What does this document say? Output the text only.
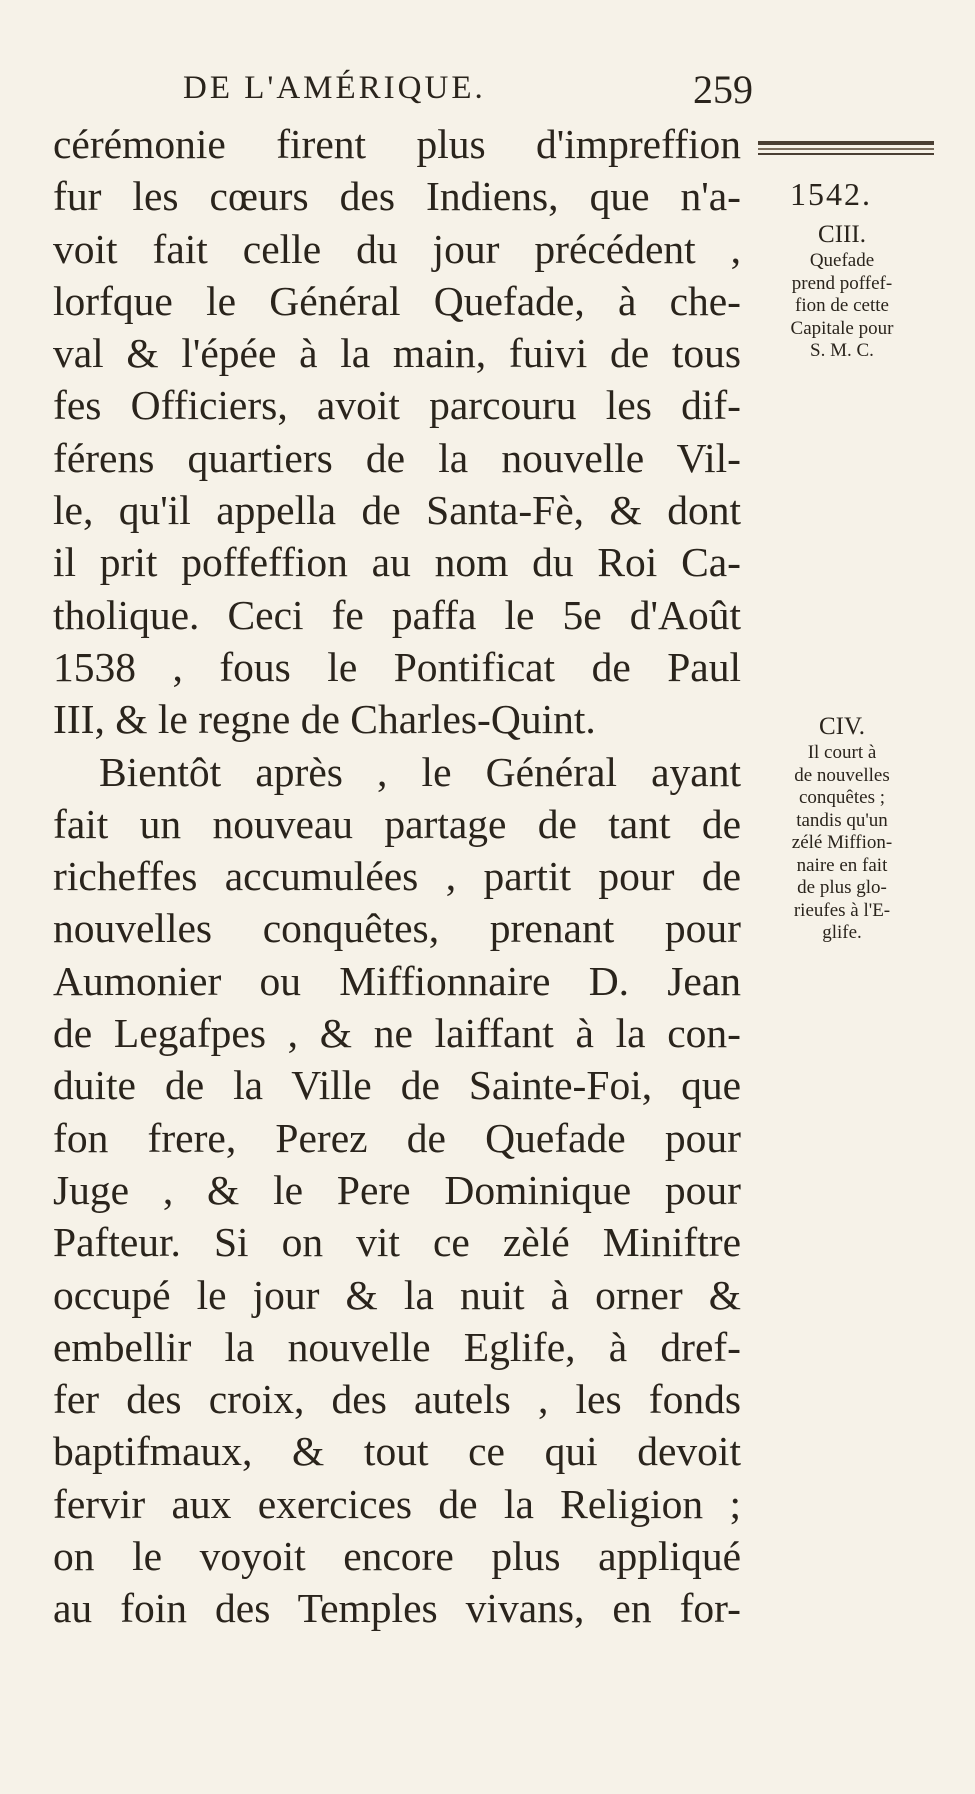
DE L'AMÉRIQUE.	259
1542.
cérémonie firent plus d'impreffion
fur les cœurs des Indiens, que n'a-
voit fait celle du jour précédent ,
lorfque le Général Quefade, à che-
val & l'épée à la main, fuivi de tous
fes Officiers, avoit parcouru les dif-
férens quartiers de la nouvelle Vil-
le, qu'il appella de Santa-Fè, & dont
il prit poffeffion au nom du Roi Ca-
tholique. Ceci fe paffa le 5e d'Août
1538 , fous le Pontificat de Paul
III, & le regne de Charles-Quint.
Bientôt après , le Général ayant
fait un nouveau partage de tant de
richeffes accumulées , partit pour de
nouvelles conquêtes, prenant pour
Aumonier ou Miffionnaire D. Jean
de Legafpes , & ne laiffant à la con-
duite de la Ville de Sainte-Foi, que
fon frere, Perez de Quefade pour
Juge , & le Pere Dominique pour
Pafteur. Si on vit ce zèlé Miniftre
occupé le jour & la nuit à orner &
embellir la nouvelle Eglife, à dref-
fer des croix, des autels , les fonds
baptifmaux, & tout ce qui devoit
fervir aux exercices de la Religion ;
on le voyoit encore plus appliqué
au foin des Temples vivans, en for-
CIII.
Quefade
prend poffef-
fion de cette
Capitale pour
S. M. C.
CIV.
Il court à
de nouvelles
conquêtes ;
tandis qu'un
zélé Miffion-
naire en fait
de plus glo-
rieufes à l'E-
glife.
